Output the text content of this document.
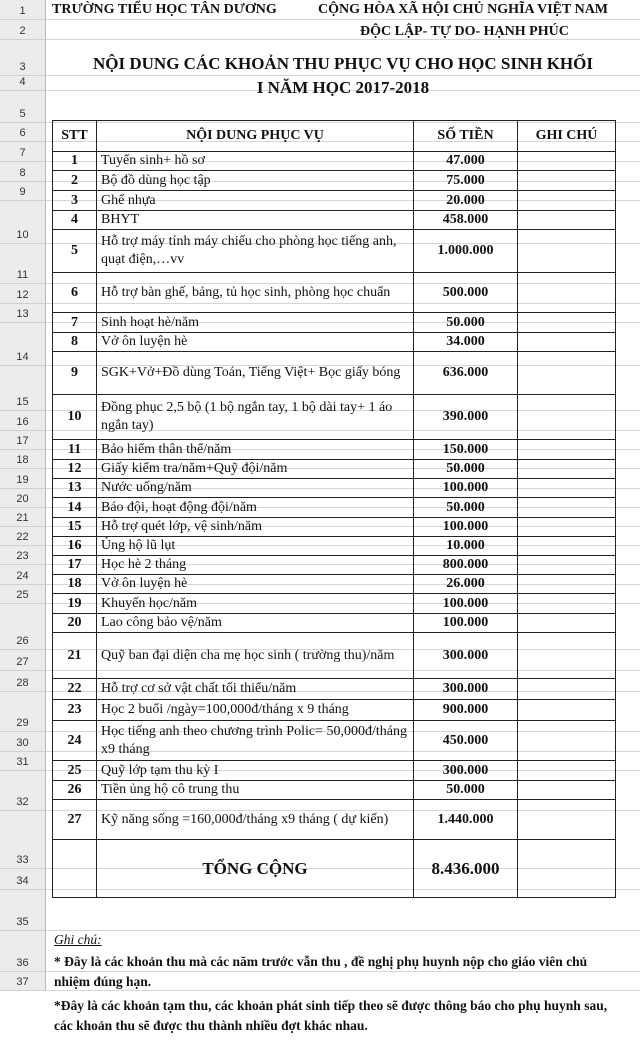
1
2
3
4
5
6
7
8
9
10
11
12
13
14
15
16
17
18
19
20
21
22
23
24
25
26
27
28
29
30
31
32
33
34
35
36
37
TRƯỜNG TIỂU HỌC TÂN DƯƠNG	CỘNG HÒA XÃ HỘI CHỦ NGHĨA VIỆT NAM
ĐỘC LẬP- TỰ DO- HẠNH PHÚC
NỘI DUNG CÁC KHOẢN THU PHỤC VỤ CHO HỌC SINH KHỐI
I NĂM HỌC 2017-2018
STT	NỘI DUNG PHỤC VỤ	SỐ TIỀN	GHI CHÚ
1	Tuyển sinh+ hồ sơ	47.000	
2	Bộ đồ dùng học tập	75.000	
3	Ghế nhựa	20.000	
4	BHYT	458.000	
5	Hỗ trợ máy tính máy chiếu cho phòng học tiếng anh, quạt điện,…vv	1.000.000	
6	Hỗ trợ bàn ghế, bảng, tủ học sinh, phòng học chuẩn	500.000	
7	Sinh hoạt hè/năm	50.000	
8	Vở ôn luyện hè	34.000	
9	SGK+Vở+Đồ dùng Toán, Tiếng Việt+ Bọc giấy bóng	636.000	
10	Đồng phục 2,5 bộ (1 bộ ngắn tay, 1 bộ dài tay+ 1 áo ngắn tay)	390.000	
11	Bảo hiểm thân thể/năm	150.000	
12	Giấy kiểm tra/năm+Quỹ đội/năm	50.000	
13	Nước uống/năm	100.000	
14	Báo đội, hoạt động đội/năm	50.000	
15	Hỗ trợ quét lớp, vệ sinh/năm	100.000	
16	Ủng hộ lũ lụt	10.000	
17	Học hè 2 tháng	800.000	
18	Vở ôn luyện hè	26.000	
19	Khuyến học/năm	100.000	
20	Lao công bảo vệ/năm	100.000	
21	Quỹ ban đại diện cha mẹ học sinh ( trường thu)/năm	300.000	
22	Hỗ trợ cơ sở vật chất tối thiểu/năm	300.000	
23	Học 2 buổi /ngày=100,000đ/tháng x 9 tháng	900.000	
24	Học tiếng anh theo chương trình Polic= 50,000đ/tháng x9 tháng	450.000	
25	Quỹ lớp tạm thu kỳ I	300.000	
26	Tiền ủng hộ cô trung thu	50.000	
27	Kỹ năng sống =160,000đ/tháng x9 tháng ( dự kiến)	1.440.000	
	TỔNG CỘNG	8.436.000	
Ghi chú:
* Đây là các khoản thu mà các năm trước vẫn thu , đề nghị phụ huynh nộp cho giáo viên chủ nhiệm đúng hạn.
*Đây là các khoản tạm thu, các khoản phát sinh tiếp theo sẽ được thông báo cho phụ huynh sau, các khoản thu sẽ được thu thành nhiều đợt khác nhau.
